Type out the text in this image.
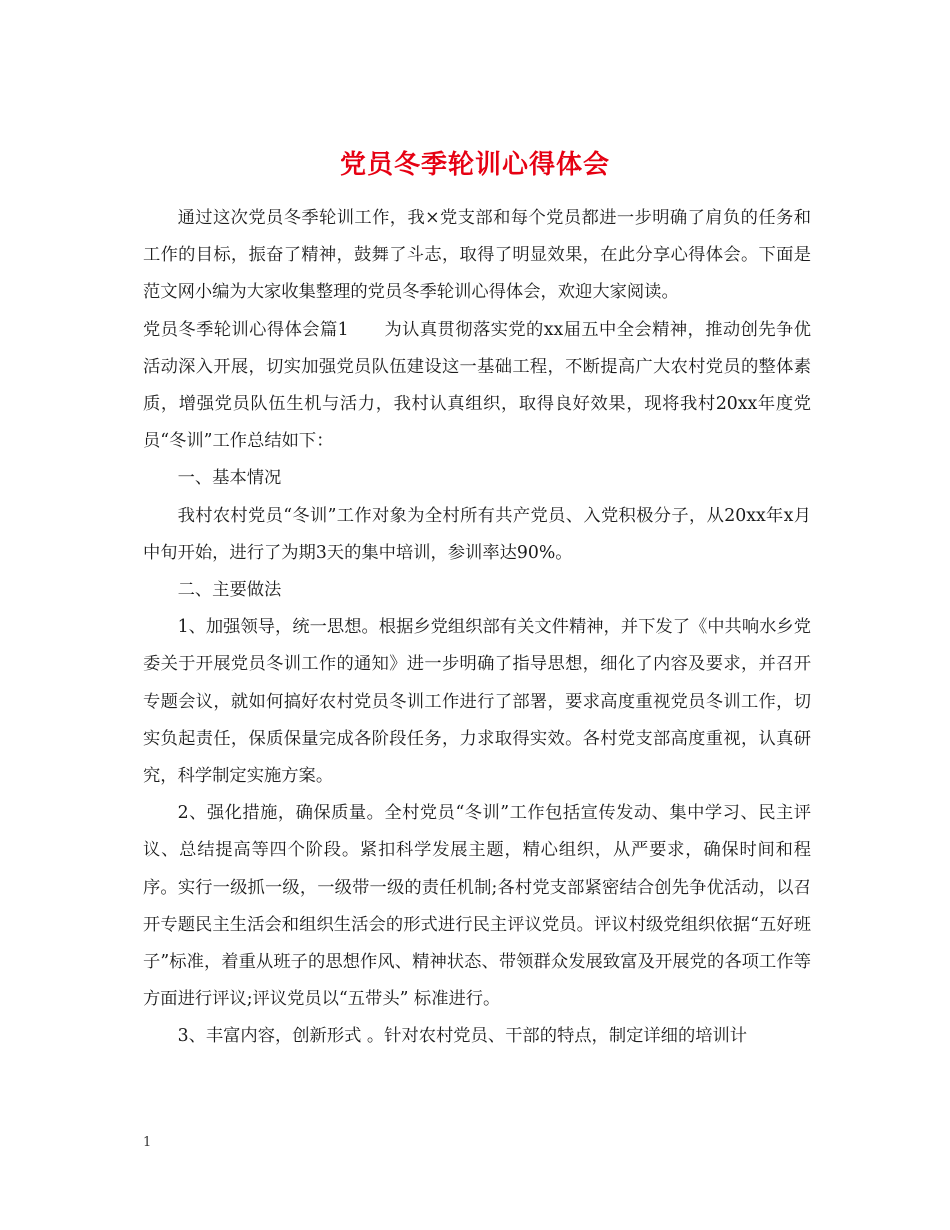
党员冬季轮训心得体会

通过这次党员冬季轮训工作，我×党支部和每个党员都进一步明确了肩负的任务和工作的目标，振奋了精神，鼓舞了斗志，取得了明显效果，在此分享心得体会。下面是范文网小编为大家收集整理的党员冬季轮训心得体会，欢迎大家阅读。

党员冬季轮训心得体会篇1　　为认真贯彻落实党的xx届五中全会精神，推动创先争优活动深入开展，切实加强党员队伍建设这一基础工程，不断提高广大农村党员的整体素质，增强党员队伍生机与活力，我村认真组织，取得良好效果，现将我村20xx年度党员“冬训”工作总结如下：

一、基本情况

我村农村党员“冬训”工作对象为全村所有共产党员、入党积极分子，从20xx年x月中旬开始，进行了为期3天的集中培训，参训率达90%。

二、主要做法

1、加强领导，统一思想。根据乡党组织部有关文件精神，并下发了《中共响水乡党委关于开展党员冬训工作的通知》进一步明确了指导思想，细化了内容及要求，并召开专题会议，就如何搞好农村党员冬训工作进行了部署，要求高度重视党员冬训工作，切实负起责任，保质保量完成各阶段任务，力求取得实效。各村党支部高度重视，认真研究，科学制定实施方案。

2、强化措施，确保质量。全村党员“冬训”工作包括宣传发动、集中学习、民主评议、总结提高等四个阶段。紧扣科学发展主题，精心组织，从严要求，确保时间和程序。实行一级抓一级，一级带一级的责任机制;各村党支部紧密结合创先争优活动，以召开专题民主生活会和组织生活会的形式进行民主评议党员。评议村级党组织依据“五好班子”标准，着重从班子的思想作风、精神状态、带领群众发展致富及开展党的各项工作等方面进行评议;评议党员以“五带头” 标准进行。

3、丰富内容，创新形式 。针对农村党员、干部的特点，制定详细的培训计

1
